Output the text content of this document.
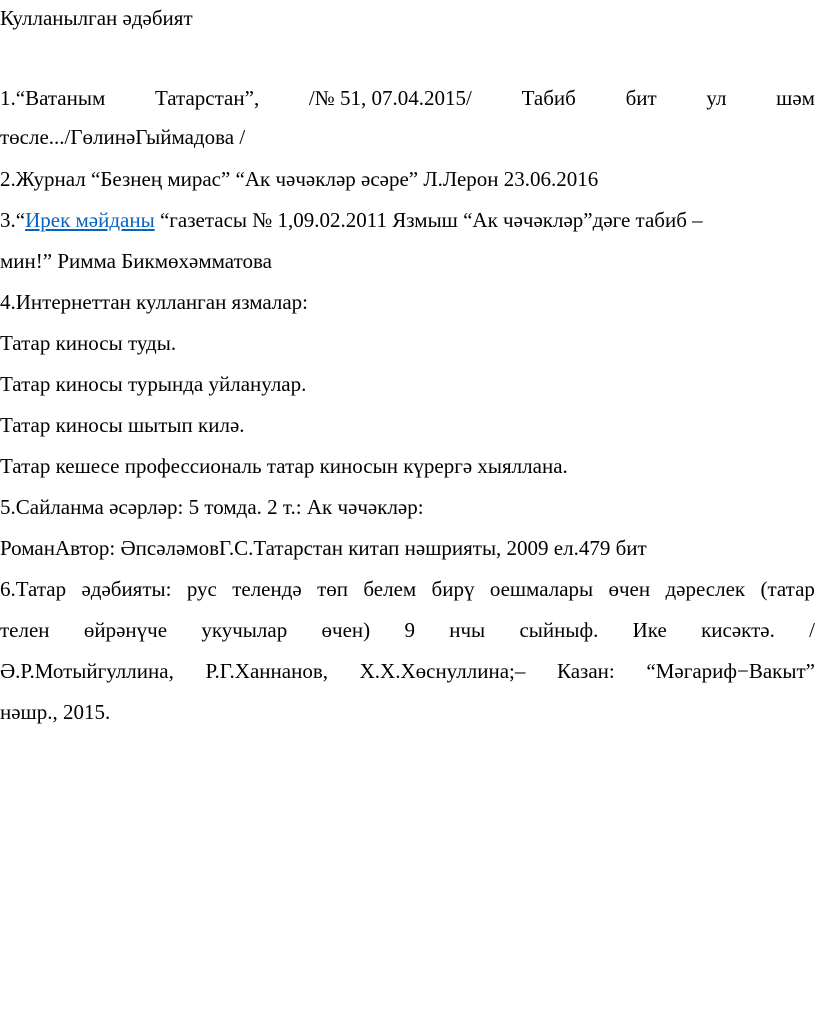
Кулланылган әдәбият
1.“Ватаным Татарстан”, /№ 51, 07.04.2015/ Табиб бит ул шәм
төсле.../ГөлинәГыймадова /
2.Журнал “Безнең мирас” “Ак чәчәкләр әсәре” Л.Лерон 23.06.2016
3.“Ирек мәйданы “газетасы № 1,09.02.2011 Язмыш “Ак чәчәкләр”дәге табиб –
мин!” Римма Бикмөхәмматова
4.Интернеттан кулланган язмалар:
Татар киносы туды.
Татар киносы турында уйланулар.
Татар киносы шытып килә.
Татар кешесе профессиональ татар киносын күрергә хыяллана.
5.Сайланма әсәрләр: 5 томда. 2 т.: Ак чәчәкләр:
РоманАвтор: ӘпсәләмовГ.С.Татарстан китап нәшрияты, 2009 ел.479 бит
6.Татар әдәбияты: рус телендә төп белем бирү оешмалары өчен дәреслек (татар
телен өйрәнүче укучылар өчен) 9 нчы сыйныф. Ике кисәктә. /
Ә.Р.Мотыйгуллина, Р.Г.Ханнанов, Х.Х.Хөснуллина;– Казан: “Мәгариф−Вакыт”
нәшр., 2015.
